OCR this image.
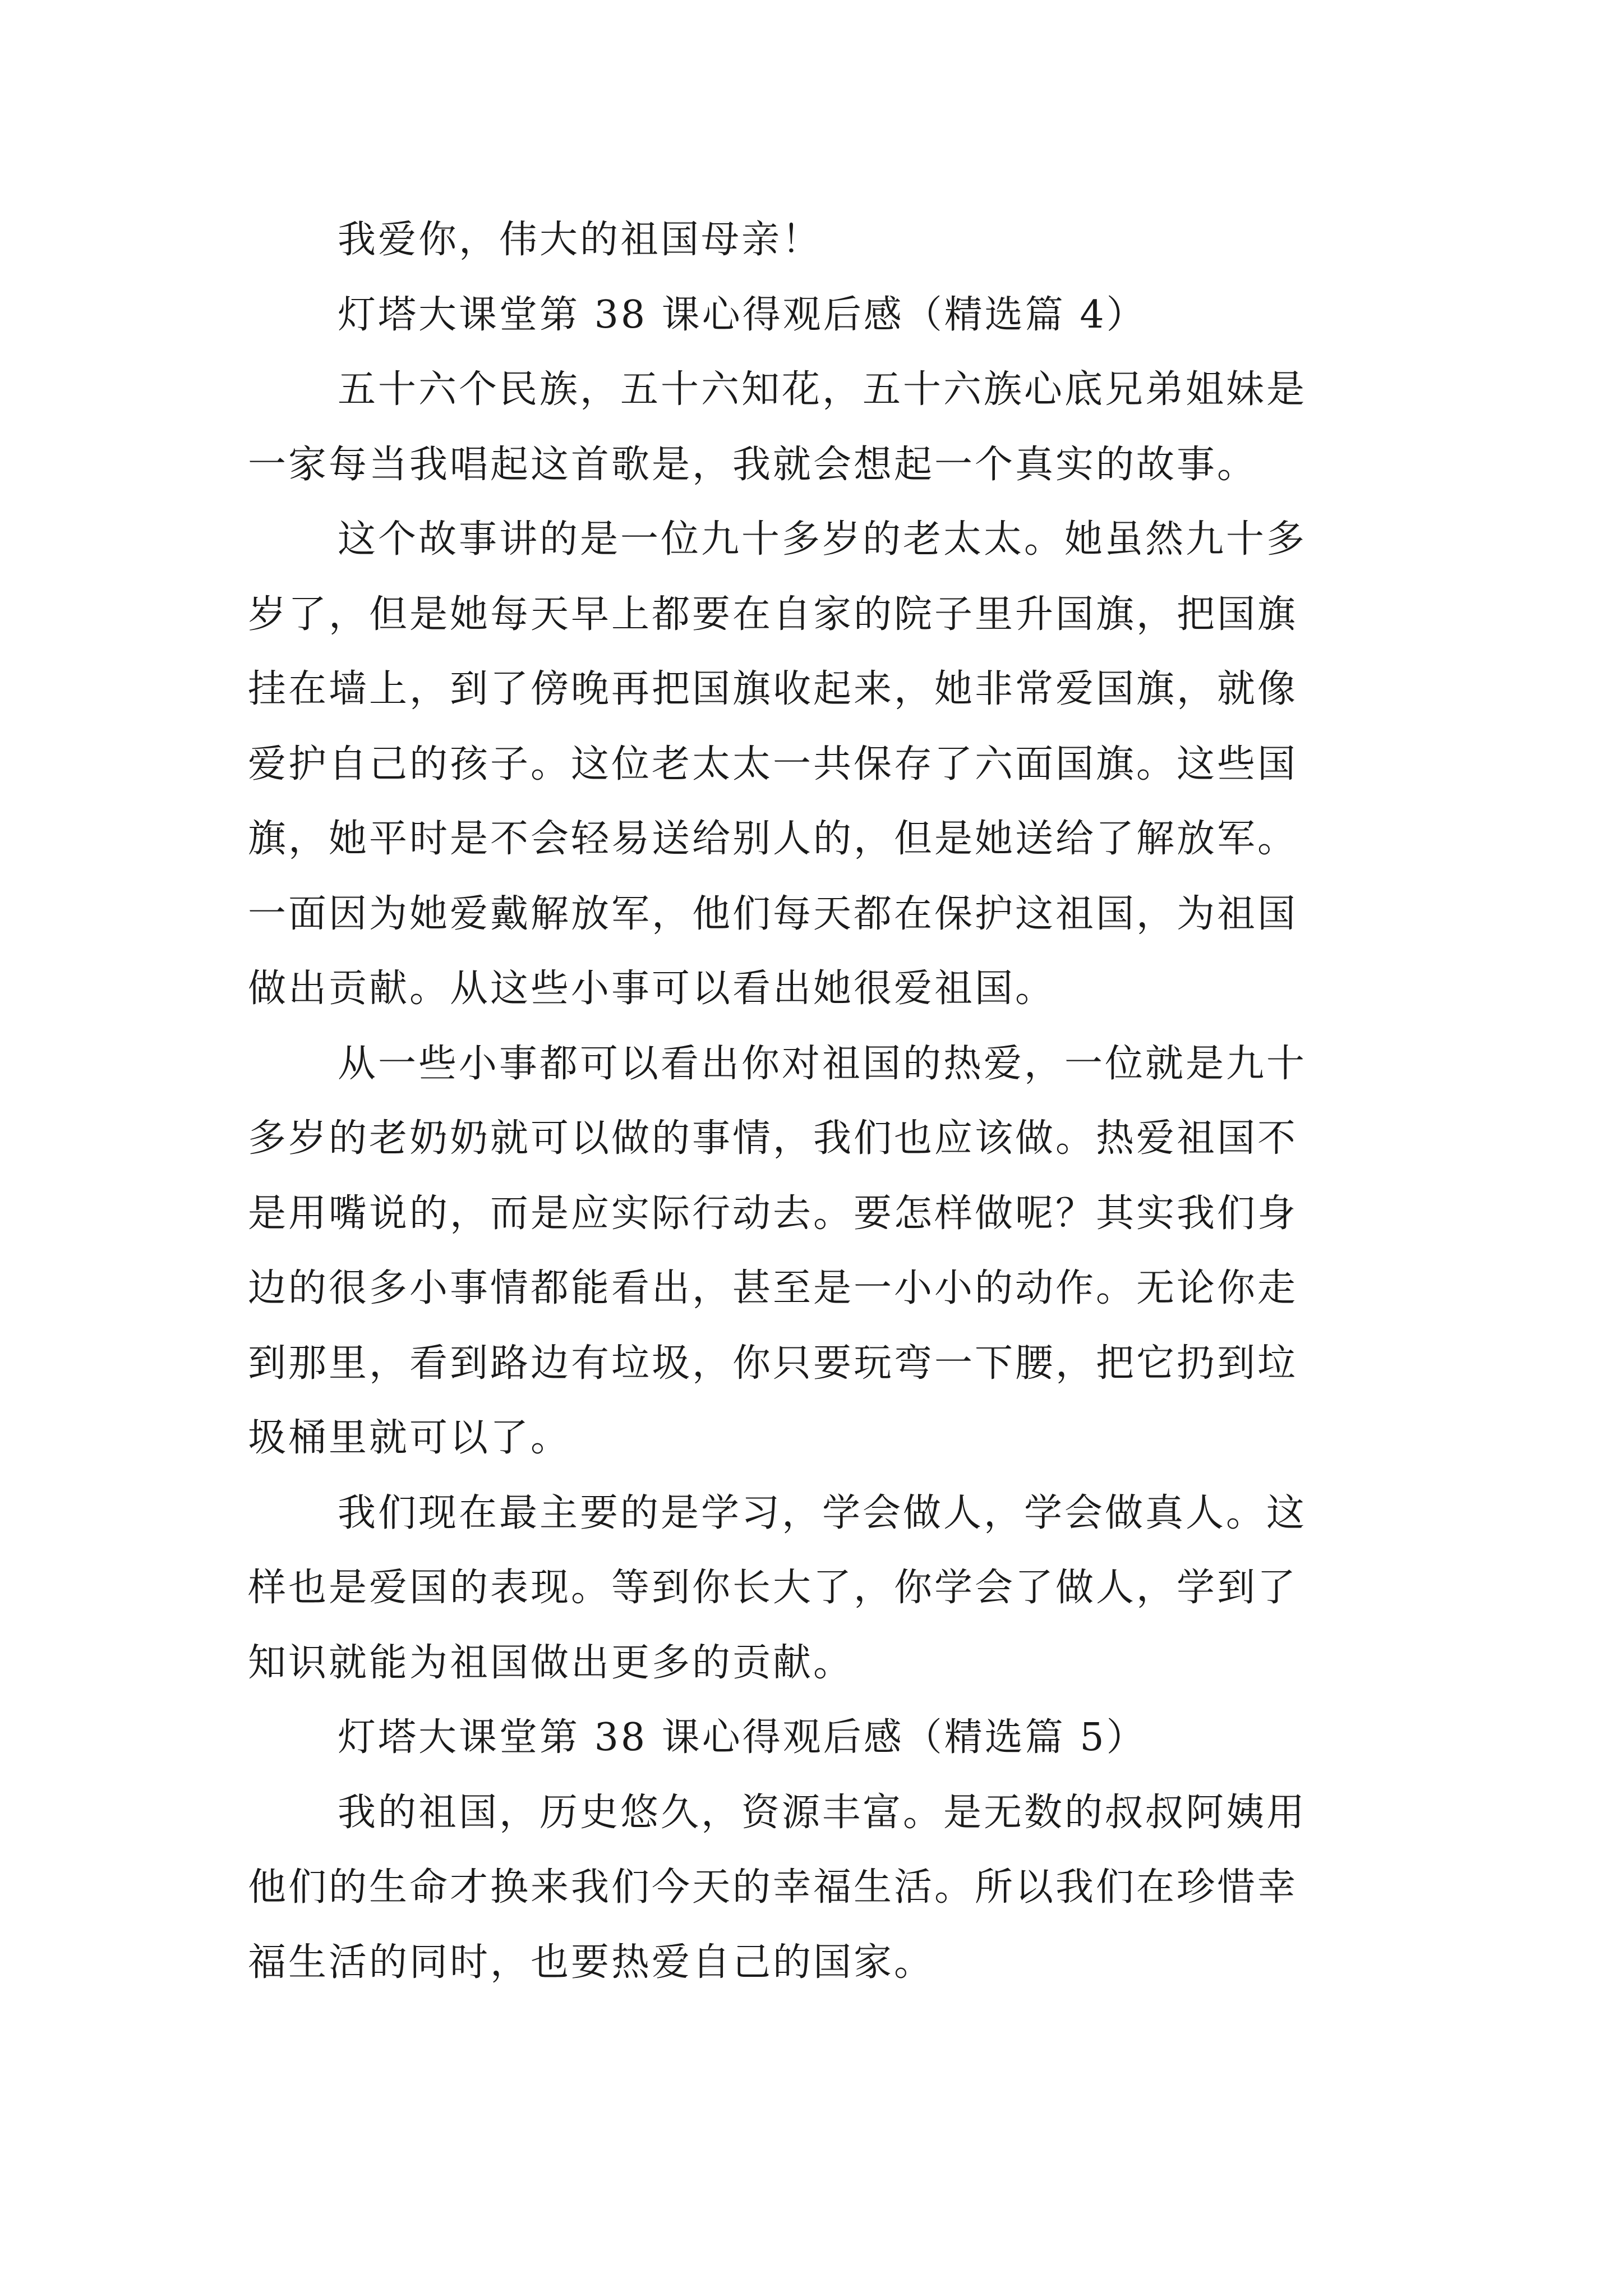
我爱你，伟大的祖国母亲！
灯塔大课堂第 38 课心得观后感（精选篇 4）
五十六个民族，五十六知花，五十六族心底兄弟姐妹是
一家每当我唱起这首歌是，我就会想起一个真实的故事。
这个故事讲的是一位九十多岁的老太太。她虽然九十多
岁了，但是她每天早上都要在自家的院子里升国旗，把国旗
挂在墙上，到了傍晚再把国旗收起来，她非常爱国旗，就像
爱护自己的孩子。这位老太太一共保存了六面国旗。这些国
旗，她平时是不会轻易送给别人的，但是她送给了解放军。
一面因为她爱戴解放军，他们每天都在保护这祖国，为祖国
做出贡献。从这些小事可以看出她很爱祖国。
从一些小事都可以看出你对祖国的热爱，一位就是九十
多岁的老奶奶就可以做的事情，我们也应该做。热爱祖国不
是用嘴说的，而是应实际行动去。要怎样做呢？其实我们身
边的很多小事情都能看出，甚至是一小小的动作。无论你走
到那里，看到路边有垃圾，你只要玩弯一下腰，把它扔到垃
圾桶里就可以了。
我们现在最主要的是学习，学会做人，学会做真人。这
样也是爱国的表现。等到你长大了，你学会了做人，学到了
知识就能为祖国做出更多的贡献。
灯塔大课堂第 38 课心得观后感（精选篇 5）
我的祖国，历史悠久，资源丰富。是无数的叔叔阿姨用
他们的生命才换来我们今天的幸福生活。所以我们在珍惜幸
福生活的同时，也要热爱自己的国家。
